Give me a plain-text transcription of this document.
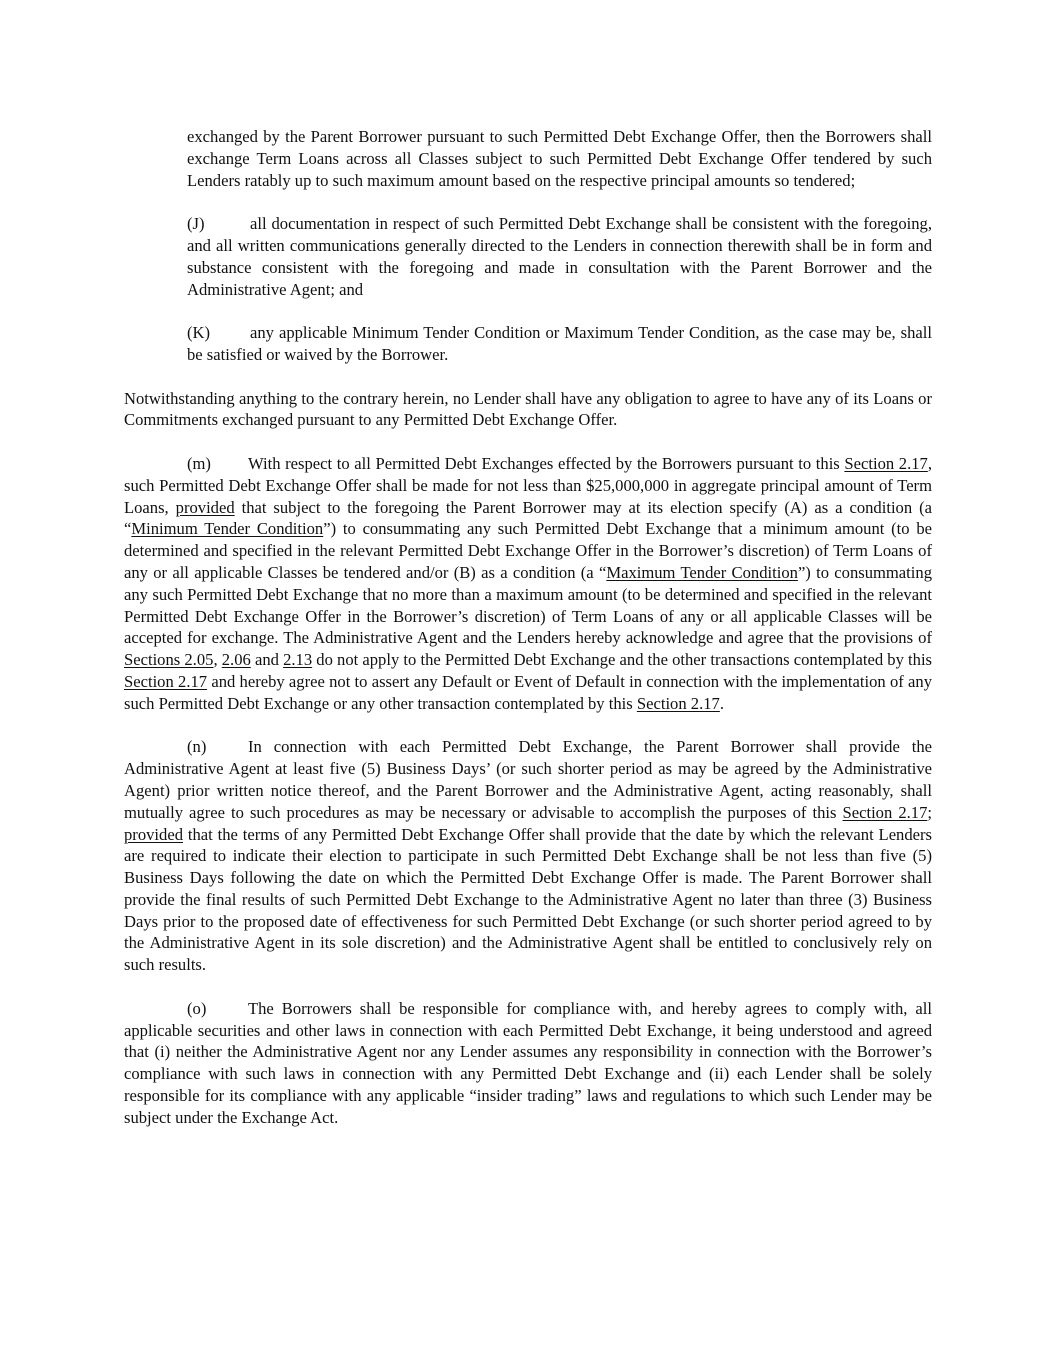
exchanged by the Parent Borrower pursuant to such Permitted Debt Exchange Offer, then the Borrowers shall exchange Term Loans across all Classes subject to such Permitted Debt Exchange Offer tendered by such Lenders ratably up to such maximum amount based on the respective principal amounts so tendered;

(J)	all documentation in respect of such Permitted Debt Exchange shall be consistent with the foregoing, and all written communications generally directed to the Lenders in connection therewith shall be in form and substance consistent with the foregoing and made in consultation with the Parent Borrower and the Administrative Agent; and

(K) any applicable Minimum Tender Condition or Maximum Tender Condition, as the case may be, shall be satisfied or waived by the Borrower.

Notwithstanding anything to the contrary herein, no Lender shall have any obligation to agree to have any of its Loans or Commitments exchanged pursuant to any Permitted Debt Exchange Offer.

(m) With respect to all Permitted Debt Exchanges effected by the Borrowers pursuant to this Section 2.17, such Permitted Debt Exchange Offer shall be made for not less than $25,000,000 in aggregate principal amount of Term Loans, provided that subject to the foregoing the Parent Borrower may at its election specify (A) as a condition (a “Minimum Tender Condition”) to consummating any such Permitted Debt Exchange that a minimum amount (to be determined and specified in the relevant Permitted Debt Exchange Offer in the Borrower’s discretion) of Term Loans of any or all applicable Classes be tendered and/or (B) as a condition (a “Maximum Tender Condition”) to consummating any such Permitted Debt Exchange that no more than a maximum amount (to be determined and specified in the relevant Permitted Debt Exchange Offer in the Borrower’s discretion) of Term Loans of any or all applicable Classes will be accepted for exchange. The Administrative Agent and the Lenders hereby acknowledge and agree that the provisions of Sections 2.05, 2.06 and 2.13 do not apply to the Permitted Debt Exchange and the other transactions contemplated by this Section 2.17 and hereby agree not to assert any Default or Event of Default in connection with the implementation of any such Permitted Debt Exchange or any other transaction contemplated by this Section 2.17.

(n)	In connection with each Permitted Debt Exchange, the Parent Borrower shall provide the Administrative Agent at least five (5) Business Days’ (or such shorter period as may be agreed by the Administrative Agent) prior written notice thereof, and the Parent Borrower and the Administrative Agent, acting reasonably, shall mutually agree to such procedures as may be necessary or advisable to accomplish the purposes of this Section 2.17; provided that the terms of any Permitted Debt Exchange Offer shall provide that the date by which the relevant Lenders are required to indicate their election to participate in such Permitted Debt Exchange shall be not less than five (5) Business Days following the date on which the Permitted Debt Exchange Offer is made. The Parent Borrower shall provide the final results of such Permitted Debt Exchange to the Administrative Agent no later than three (3) Business Days prior to the proposed date of effectiveness for such Permitted Debt Exchange (or such shorter period agreed to by the Administrative Agent in its sole discretion) and the Administrative Agent shall be entitled to conclusively rely on such results.

(o)	The Borrowers shall be responsible for compliance with, and hereby agrees to comply with, all applicable securities and other laws in connection with each Permitted Debt Exchange, it being understood and agreed that (i) neither the Administrative Agent nor any Lender assumes any responsibility in connection with the Borrower’s compliance with such laws in connection with any Permitted Debt Exchange and (ii) each Lender shall be solely responsible for its compliance with any applicable “insider trading” laws and regulations to which such Lender may be subject under the Exchange Act.
